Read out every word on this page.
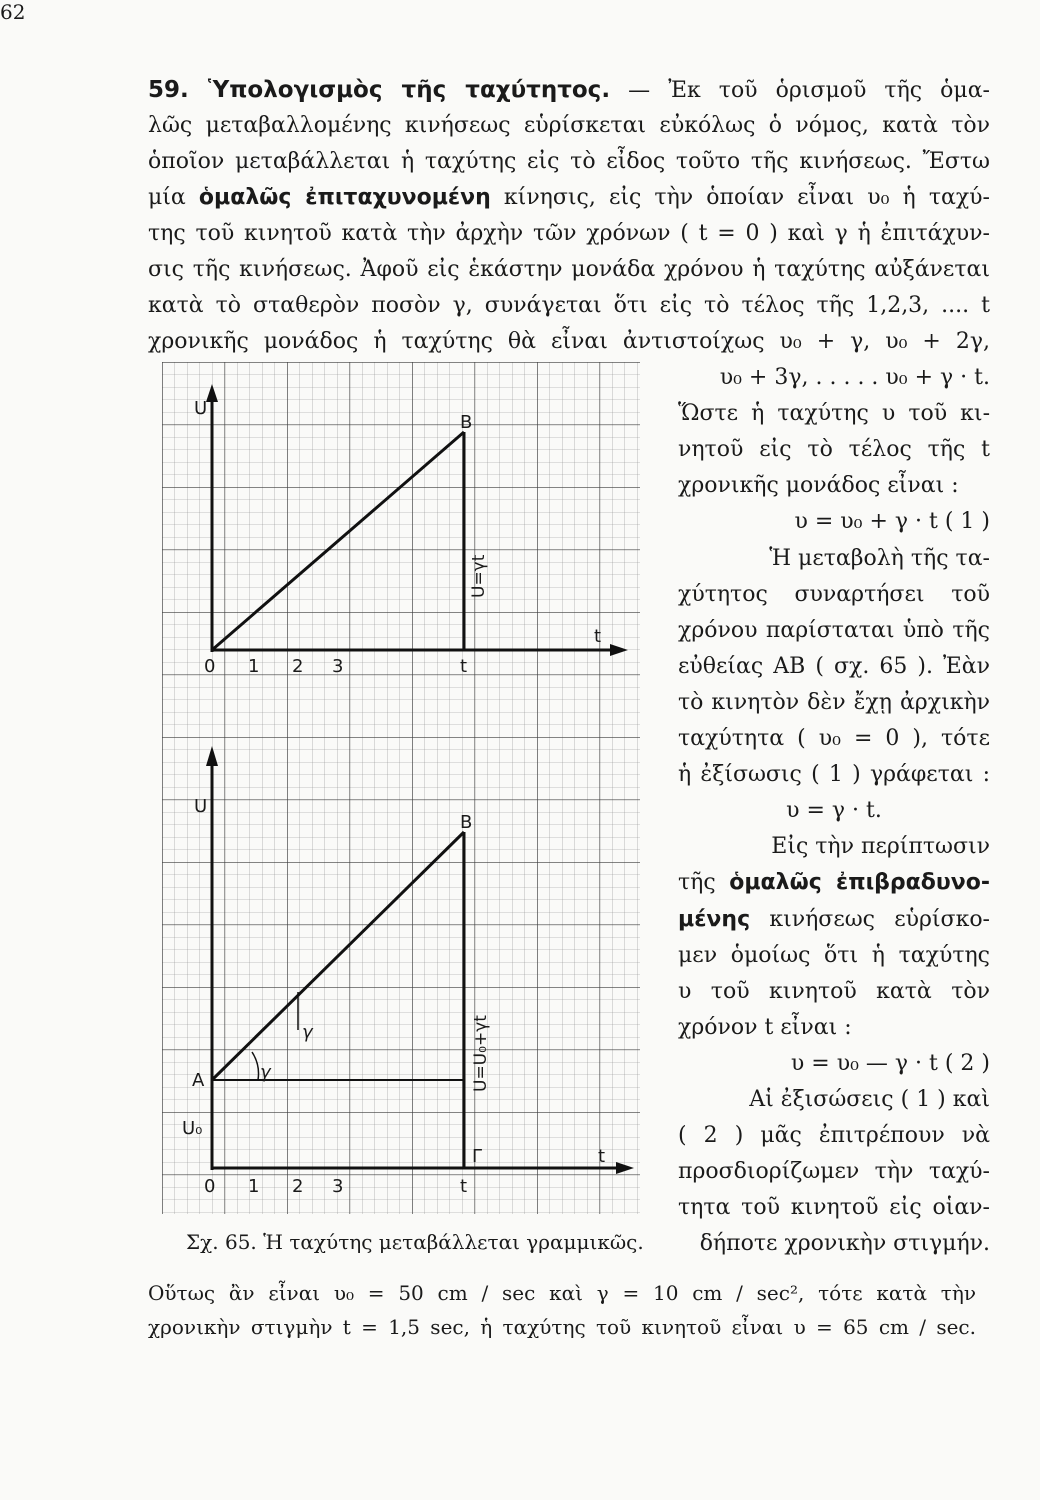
62
59. Ὑπολογισμὸς τῆς ταχύτητος. — Ἐκ τοῦ ὁρισμοῦ τῆς ὁμα-
λῶς μεταβαλλομένης κινήσεως εὑρίσκεται εὐκόλως ὁ νόμος, κατὰ τὸν
ὁποῖον μεταβάλλεται ἡ ταχύτης εἰς τὸ εἶδος τοῦτο τῆς κινήσεως. Ἔστω
μία ὁμαλῶς ἐπιταχυνομένη κίνησις, εἰς τὴν ὁποίαν εἶναι υ₀ ἡ ταχύ-
της τοῦ κινητοῦ κατὰ τὴν ἀρχὴν τῶν χρόνων ( t = 0 ) καὶ γ ἡ ἐπιτάχυν-
σις τῆς κινήσεως. Ἀφοῦ εἰς ἑκάστην μονάδα χρόνου ἡ ταχύτης αὐξάνεται
κατὰ τὸ σταθερὸν ποσὸν γ, συνάγεται ὅτι εἰς τὸ τέλος τῆς 1,2,3, .... t
χρονικῆς μονάδος ἡ ταχύτης θὰ εἶναι ἀντιστοίχως υ₀ + γ, υ₀ + 2γ,
υ₀ + 3γ, . . . . . υ₀ + γ · t.
Ὥστε ἡ ταχύτης υ τοῦ κι-
νητοῦ εἰς τὸ τέλος τῆς t
χρονικῆς μονάδος εἶναι :
υ = υ₀ + γ · t ( 1 )
Ἡ μεταβολὴ τῆς τα-
χύτητος συναρτήσει τοῦ
χρόνου παρίσταται ὑπὸ τῆς
εὐθείας ΑΒ ( σχ. 65 ). Ἐὰν
τὸ κινητὸν δὲν ἔχῃ ἀρχικὴν
ταχύτητα ( υ₀ = 0 ), τότε
ἡ ἐξίσωσις ( 1 ) γράφεται :
υ = γ · t.
Εἰς τὴν περίπτωσιν
τῆς ὁμαλῶς ἐπιβραδυνο-
μένης κινήσεως εὑρίσκο-
μεν ὁμοίως ὅτι ἡ ταχύτης
υ τοῦ κινητοῦ κατὰ τὸν
χρόνον t εἶναι :
υ = υ₀ — γ · t ( 2 )
Αἱ ἐξισώσεις ( 1 ) καὶ
( 2 ) μᾶς ἐπιτρέπουν νὰ
προσδιορίζωμεν τὴν ταχύ-
τητα τοῦ κινητοῦ εἰς οἱαν-
δήποτε χρονικὴν στιγμήν.
U
t
0 1 2 3	t
B
U=γt
U
t
0 1 2 3	t
A
B
Γ
U₀
γ
γ	U=U₀+γt
Σχ. 65. Ἡ ταχύτης μεταβάλλεται γραμμικῶς.
Οὕτως ἂν εἶναι υ₀ = 50 cm / sec καὶ γ = 10 cm / sec², τότε κατὰ τὴν
χρονικὴν στιγμὴν t = 1,5 sec, ἡ ταχύτης τοῦ κινητοῦ εἶναι υ = 65 cm / sec.
